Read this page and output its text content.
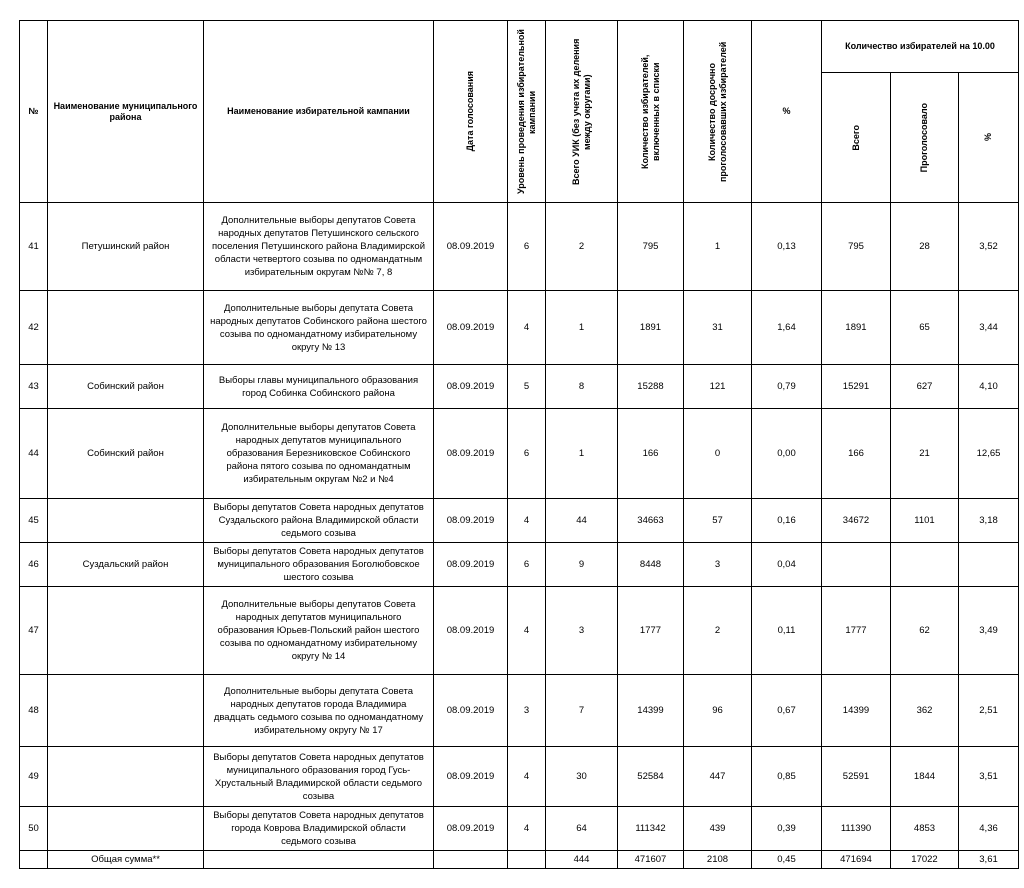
№	Наименование муниципального района	Наименование избирательной кампании	Дата голосования	Уровень проведения избирательной кампании	Всего УИК (без учета их деления между округами)	Количество избирателей, включенных в списки	Количество досрочно проголосовавших избирателей	%	Количество избирателей на 10.00		

									Всего	Проголосовало	%

41	Петушинский район	Дополнительные выборы депутатов Совета народных депутатов Петушинского сельского поселения Петушинского района Владимирской области четвертого созыва по одномандатным избирательным округам №№ 7, 8	08.09.2019	6	2	795	1	0,13	795	28	3,52
42		Дополнительные выборы депутата Совета народных депутатов Собинского района шестого созыва по одномандатному избирательному округу № 13	08.09.2019	4	1	1891	31	1,64	1891	65	3,44
43	Собинский район	Выборы главы муниципального образования город Собинка Собинского района	08.09.2019	5	8	15288	121	0,79	15291	627	4,10
44	Собинский район	Дополнительные выборы депутатов Совета народных депутатов муниципального образования Березниковское Собинского района пятого созыва по одномандатным избирательным округам №2 и №4	08.09.2019	6	1	166	0	0,00	166	21	12,65
45		Выборы депутатов Совета народных депутатов Суздальского района Владимирской области седьмого созыва	08.09.2019	4	44	34663	57	0,16	34672	1101	3,18
46	Суздальский район	Выборы депутатов Совета народных депутатов муниципального образования Боголюбовское шестого созыва	08.09.2019	6	9	8448	3	0,04			
47		Дополнительные выборы депутатов Совета народных депутатов муниципального образования Юрьев-Польский район шестого созыва по одномандатному избирательному округу № 14	08.09.2019	4	3	1777	2	0,11	1777	62	3,49
48		Дополнительные выборы депутата Совета народных депутатов города Владимира двадцать седьмого созыва по одномандатному избирательному округу № 17	08.09.2019	3	7	14399	96	0,67	14399	362	2,51
49		Выборы депутатов Совета народных депутатов муниципального образования город Гусь-Хрустальный Владимирской области седьмого созыва	08.09.2019	4	30	52584	447	0,85	52591	1844	3,51
50		Выборы депутатов Совета народных депутатов города Коврова Владимирской области седьмого созыва	08.09.2019	4	64	111342	439	0,39	111390	4853	4,36
	Общая сумма**				444	471607	2108	0,45	471694	17022	3,61
